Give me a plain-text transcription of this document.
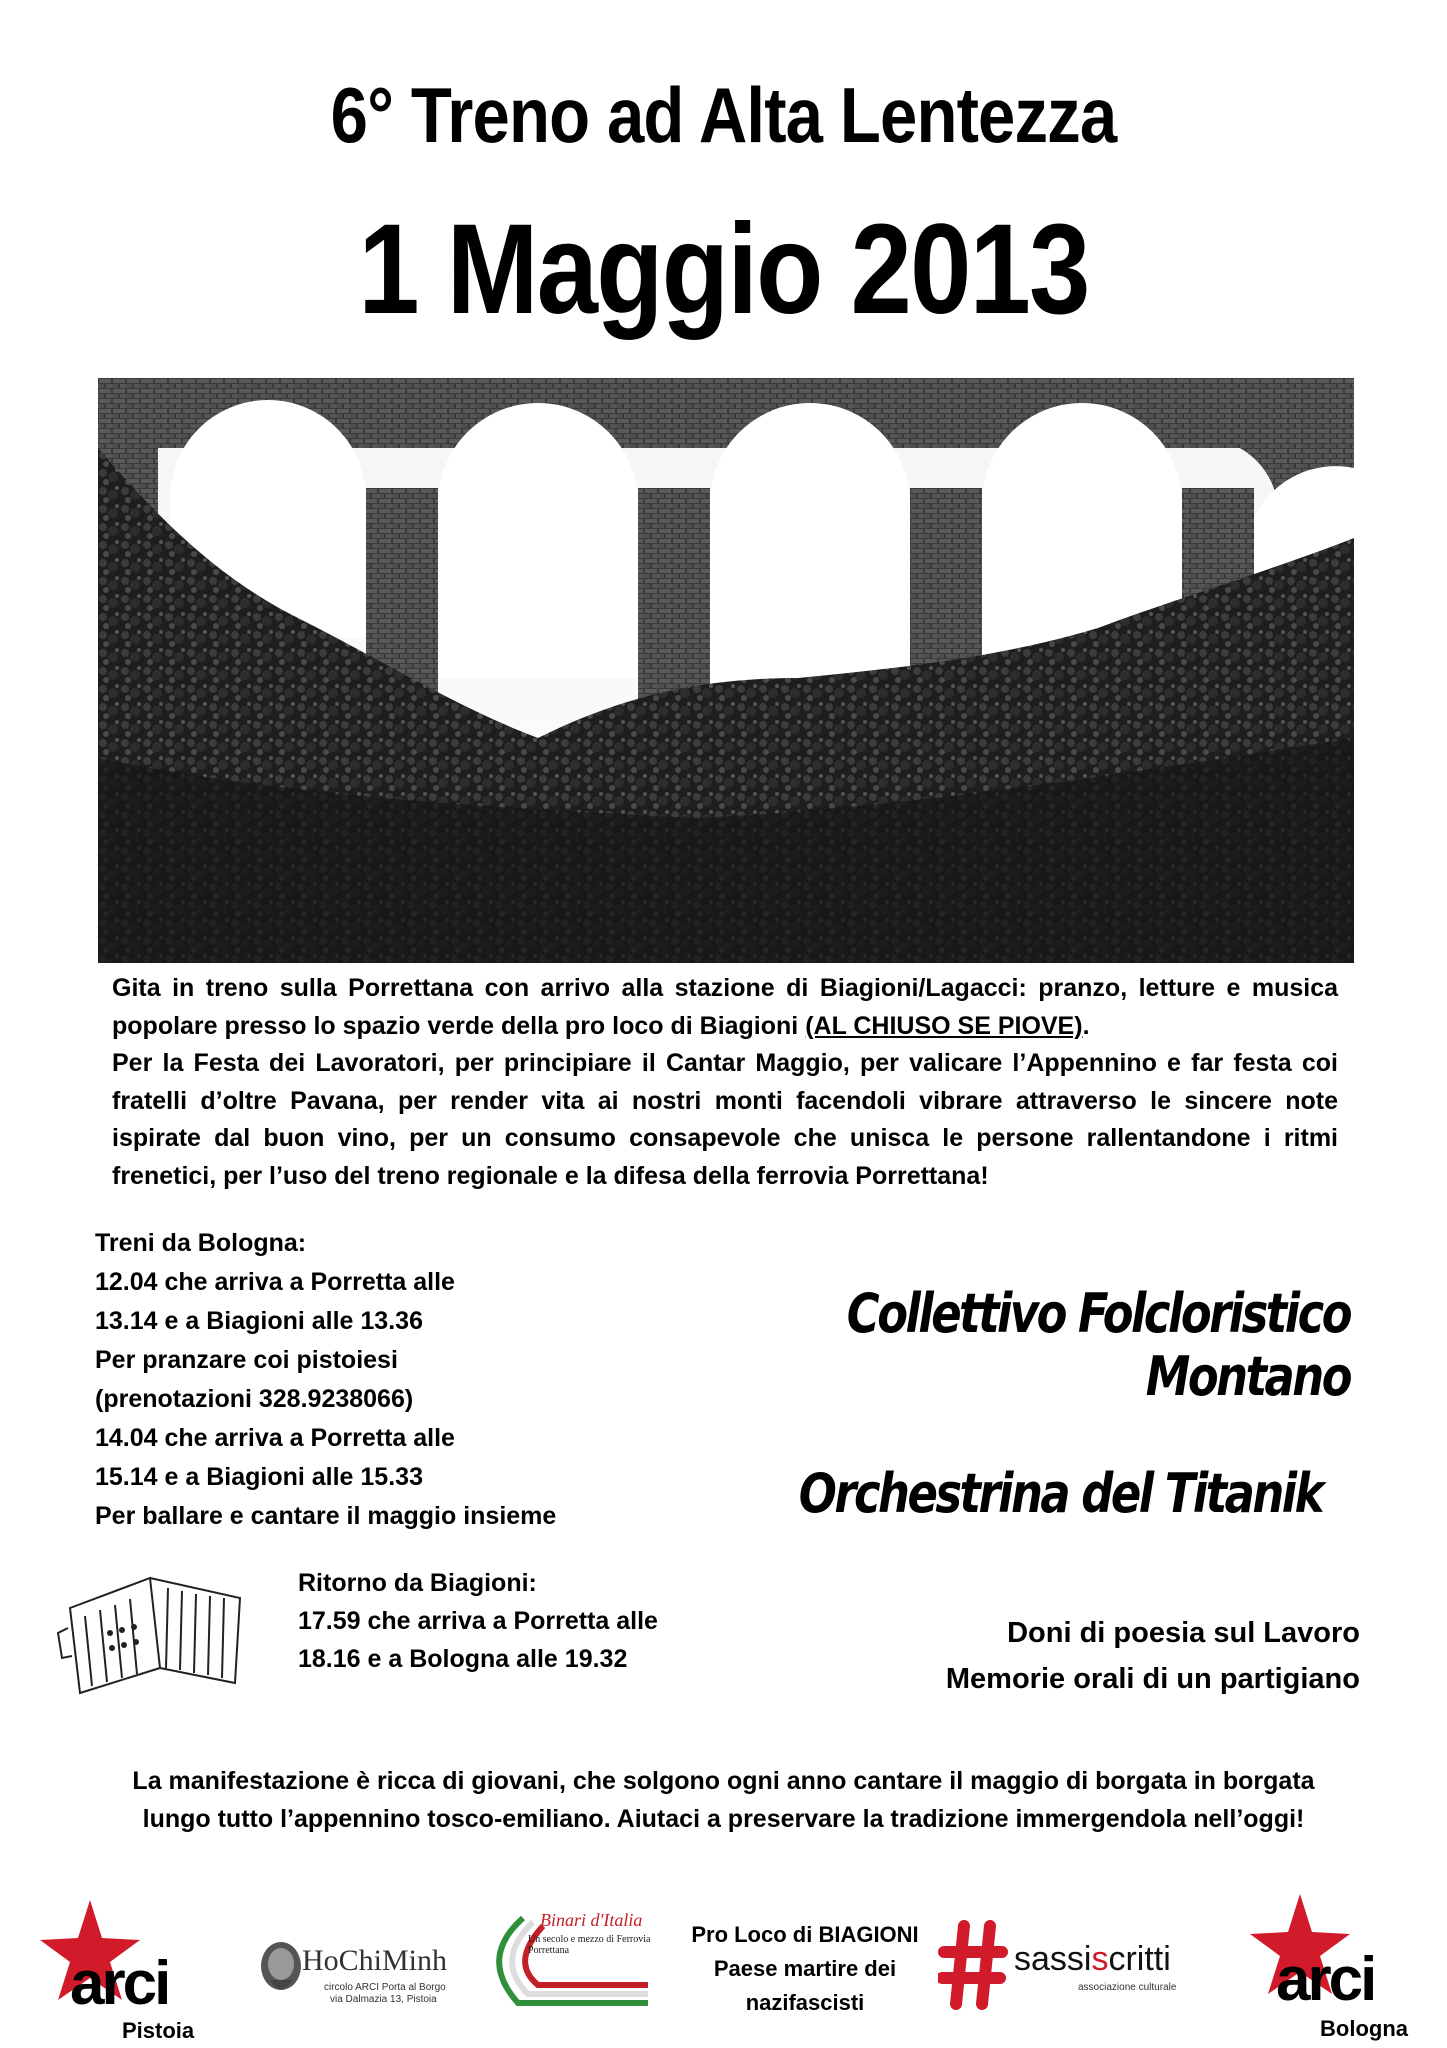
6° Treno ad Alta Lentezza
1 Maggio 2013

Gita in treno sulla Porrettana con arrivo alla stazione di Biagioni/Lagacci: pranzo, letture e musica popolare presso lo spazio verde della pro loco di Biagioni (AL CHIUSO SE PIOVE).

Per la Festa dei Lavoratori, per principiare il Cantar Maggio, per valicare l’Appennino e far festa coi fratelli d’oltre Pavana, per render vita ai nostri monti facendoli vibrare attraverso le sincere note ispirate dal buon vino, per un consumo consapevole che unisca le persone rallentandone i ritmi frenetici, per l’uso del treno regionale e la difesa della ferrovia Porrettana!

Treni da Bologna:
12.04 che arriva a Porretta alle
13.14 e a Biagioni alle 13.36
Per pranzare coi pistoiesi
(prenotazioni 328.9238066)
14.04 che arriva a Porretta alle
15.14 e a Biagioni alle 15.33
Per ballare e cantare il maggio insieme
Collettivo Folcloristico Montano
Orchestrina del Titanik
Ritorno da Biagioni:
17.59 che arriva a Porretta alle
18.16 e a Bologna alle 19.32
Doni di poesia sul Lavoro
Memorie orali di un partigiano
La manifestazione è ricca di giovani, che solgono ogni anno cantare il maggio di borgata in borgata
lungo tutto l’appennino tosco-emiliano. Aiutaci a preservare la tradizione immergendola nell’oggi!
arci
Pistoia
HoChiMinh
circolo ARCI Porta al Borgo
via Dalmazia 13, Pistoia
Binari d'Italia
Un secolo e mezzo di Ferrovia Porrettana
Pro Loco di BIAGIONI
Paese martire dei
nazifascisti
sassiscritti
associazione culturale arci
Bologna
